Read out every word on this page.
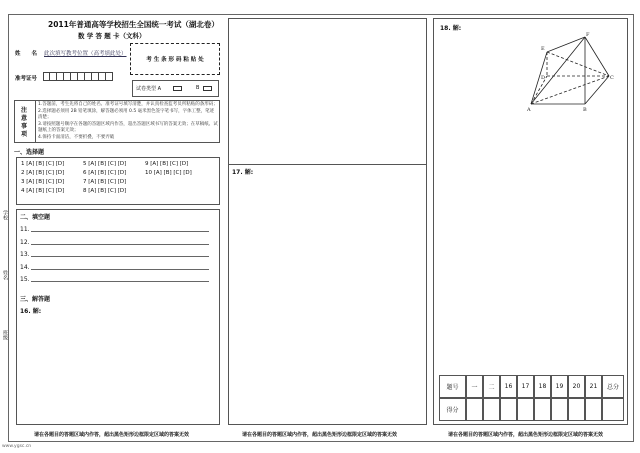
学校
姓名
班级
2011年普通高等学校招生全国统一考试（湖北卷）
数 学 答 题 卡（文科）
姓　　名 此次填写教考位置（高考填此处）
考 生 条 形 码 粘 贴 处
准考证号
试卷类型 A	B
注意事项
1.答题前，考生先将自己的姓名、准考证号填写清楚，并认真检查监考员所粘贴的条形码；
2.选择题必须用 2B 铅笔填涂，解答题必须用 0.5 毫米黑色签字笔书写，字体工整，笔迹清楚；
3.请按照题号顺序在各题的答题区域内作答，超出答题区域书写的答案无效；在草稿纸、试题纸上的答案无效；
4.保持卡面清洁，不要折叠，不要弄破
一、选择题
1 [A] [B] [C] [D]	5 [A] [B] [C] [D]	9 [A] [B] [C] [D]
2 [A] [B] [C] [D]	6 [A] [B] [C] [D]	10 [A] [B] [C] [D]
3 [A] [B] [C] [D]	7 [A] [B] [C] [D]
4 [A] [B] [C] [D]	8 [A] [B] [C] [D]
二、填空题
11.
12.
13.
14.
15.
三、解答题
16. 解:
请在各题目的答题区域内作答，超出黑色矩形边框限定区域的答案无效
17. 解:
请在各题目的答题区域内作答，超出黑色矩形边框限定区域的答案无效
18. 解:
E
F
D	C
A	B
题号	一	二	16	17	18	19	20	21	总分
得分
请在各题目的答题区域内作答，超出黑色矩形边框限定区域的答案无效
www.ygsc.cn
